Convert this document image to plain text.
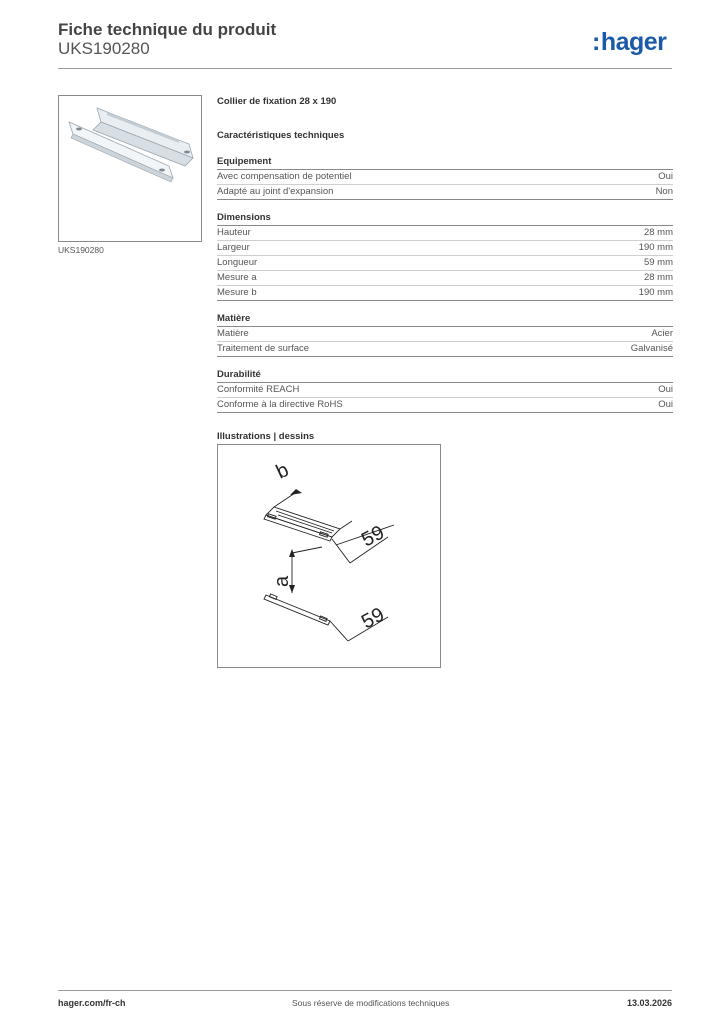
Fiche technique du produit
UKS190280	:hager
UKS190280
Collier de fixation 28 x 190
Caractéristiques techniques
Equipement
Avec compensation de potentiel	Oui
Adapté au joint d'expansion	Non
Dimensions
Hauteur	28 mm
Largeur	190 mm
Longueur	59 mm
Mesure a	28 mm
Mesure b	190 mm
Matière
Matière	Acier
Traitement de surface	Galvanisé
Durabilité
Conformité REACH	Oui
Conforme à la directive RoHS	Oui
Illustrations | dessins
b
a
59
59
hager.com/fr-ch	Sous réserve de modifications techniques	13.03.2026
